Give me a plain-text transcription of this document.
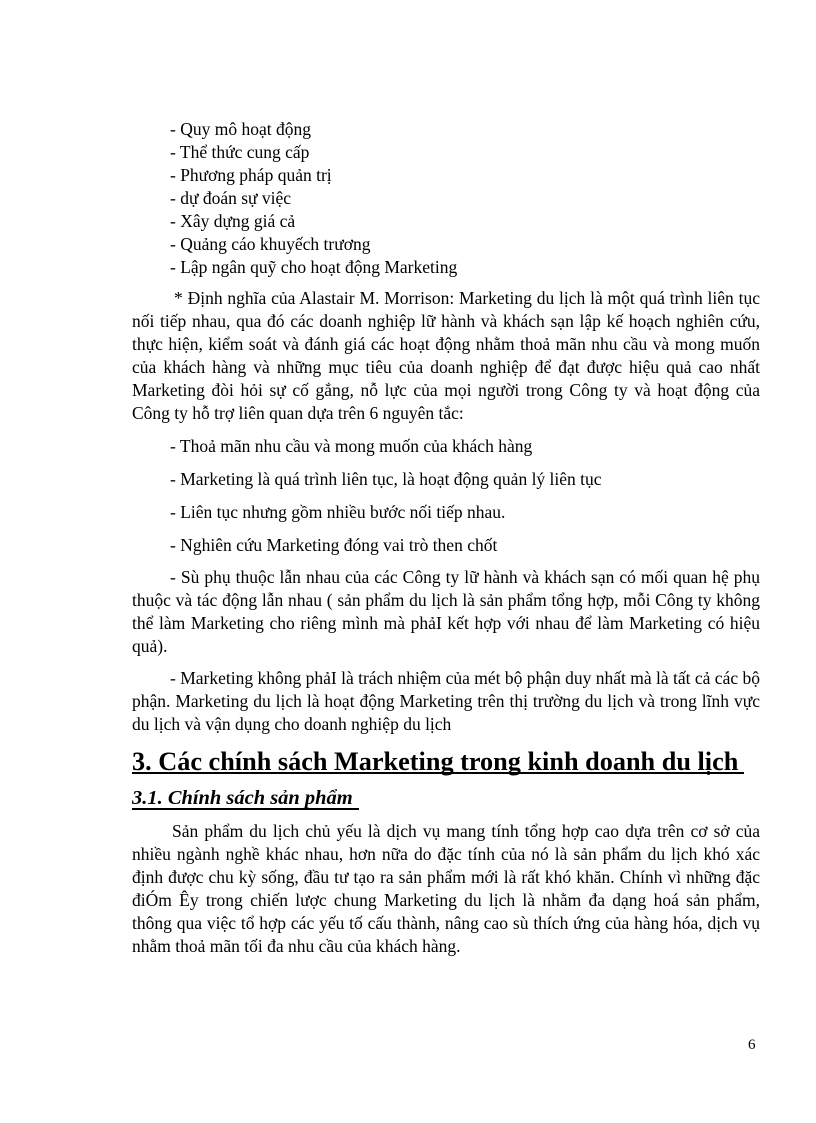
- Quy mô hoạt động
- Thể thức cung cấp
- Phương pháp quản trị
- dự đoán sự việc
- Xây dựng giá cả
- Quảng cáo khuyếch trương
- Lập ngân quỹ cho hoạt động Marketing

* Định nghĩa của Alastair M. Morrison: Marketing du lịch là một quá trình liên tục nối tiếp nhau, qua đó các doanh nghiệp lữ hành và khách sạn lập kế hoạch nghiên cứu, thực hiện, kiểm soát và đánh giá các hoạt động nhằm thoả mãn nhu cầu và mong muốn của khách hàng và những mục tiêu của doanh nghiệp để đạt được hiệu quả cao nhất Marketing đòi hỏi sự cố gắng, nỗ lực của mọi người trong Công ty và hoạt động của Công ty hỗ trợ liên quan dựa trên 6 nguyên tắc:

- Thoả mãn nhu cầu và mong muốn của khách hàng

- Marketing là quá trình liên tục, là hoạt động quản lý liên tục

- Liên tục nhưng gồm nhiều bước nối tiếp nhau.

- Nghiên cứu Marketing đóng vai trò then chốt

- Sù phụ thuộc lẫn nhau của các Công ty lữ hành và khách sạn có mối quan hệ phụ thuộc và tác động lẫn nhau ( sản phẩm du lịch là sản phẩm tổng hợp, mỗi Công ty không thể làm Marketing cho riêng mình mà phảI kết hợp với nhau để làm Marketing có hiệu quả).

- Marketing không phảI là trách nhiệm của mét bộ phận duy nhất mà là tất cả các bộ phận. Marketing du lịch là hoạt động Marketing trên thị trường du lịch và trong lĩnh vực du lịch và vận dụng cho doanh nghiệp du lịch

3. Các chính sách Marketing trong kinh doanh du lịch
3.1. Chính sách sản phẩm

Sản phẩm du lịch chủ yếu là dịch vụ mang tính tổng hợp cao dựa trên cơ sở của nhiều ngành nghề khác nhau, hơn nữa do đặc tính của nó là sản phẩm du lịch khó xác định được chu kỳ sống, đầu tư tạo ra sản phẩm mới là rất khó khăn. Chính vì những đặc điÓm Êy trong chiến lược chung Marketing du lịch là nhằm đa dạng hoá sản phẩm, thông qua việc tổ hợp các yếu tố cấu thành, nâng cao sù thích ứng của hàng hóa, dịch vụ nhằm thoả mãn tối đa nhu cầu của khách hàng.

6
